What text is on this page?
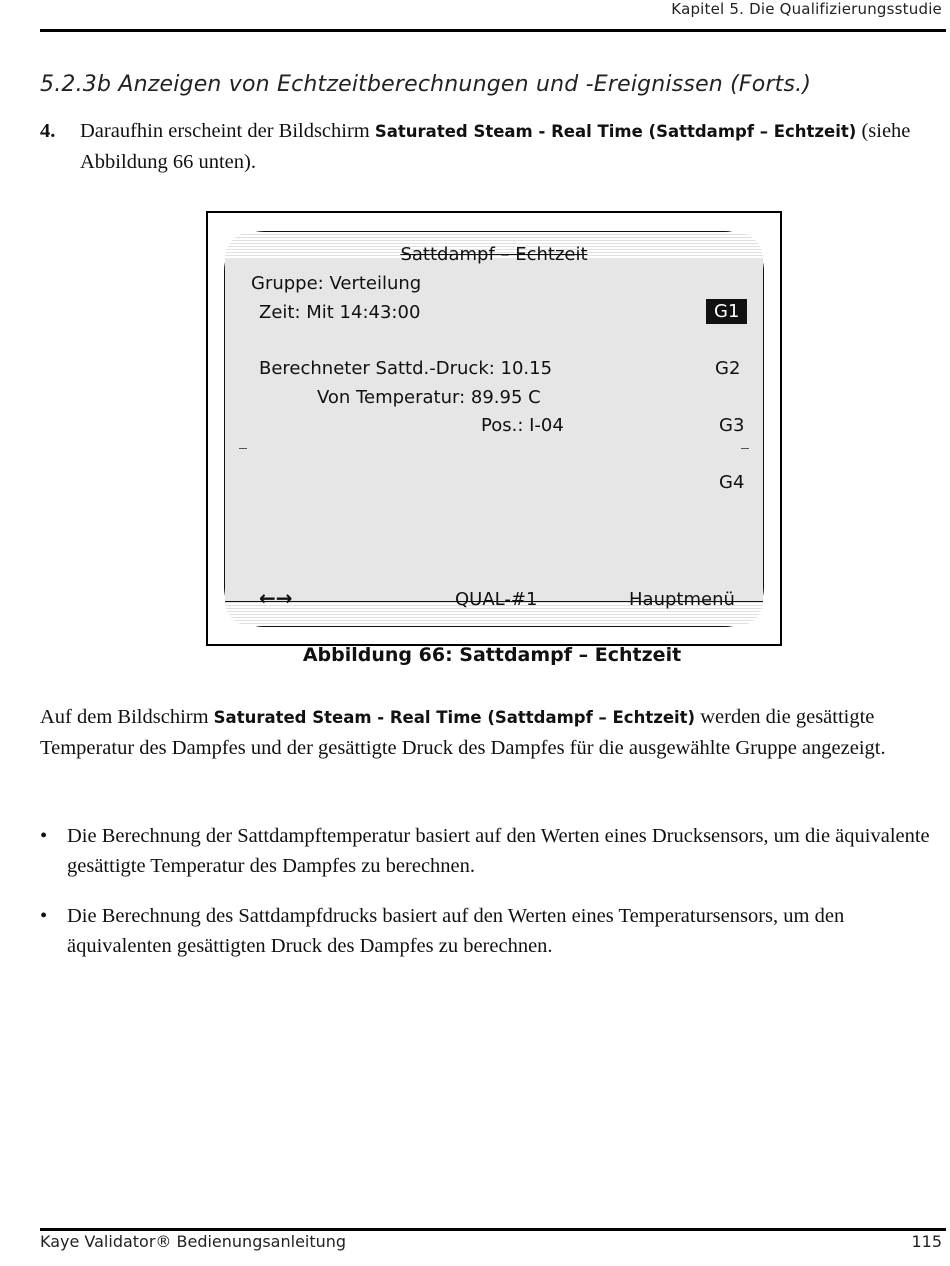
Kapitel 5. Die Qualifizierungsstudie
5.2.3b Anzeigen von Echtzeitberechnungen und -Ereignissen (Forts.)
4. Daraufhin erscheint der Bildschirm Saturated Steam - Real Time (Sattdampf – Echtzeit) (siehe Abbildung 66 unten).
Sattdampf – Echtzeit
Gruppe: Verteilung
Zeit: Mit 14:43:00
Berechneter Sattd.-Druck: 10.15
Von Temperatur: 89.95 C
Pos.: I-04
G1
G2
G3
G4
←→	QUAL-#1	Hauptmenü
Abbildung 66: Sattdampf – Echtzeit
Auf dem Bildschirm Saturated Steam - Real Time (Sattdampf – Echtzeit) werden die gesättigte Temperatur des Dampfes und der gesättigte Druck des Dampfes für die ausgewählte Gruppe angezeigt.
• Die Berechnung der Sattdampftemperatur basiert auf den Werten eines Drucksensors, um die äquivalente gesättigte Temperatur des Dampfes zu berechnen.
• Die Berechnung des Sattdampfdrucks basiert auf den Werten eines Temperatursensors, um den äquivalenten gesättigten Druck des Dampfes zu berechnen.
Kaye Validator® Bedienungsanleitung	115
